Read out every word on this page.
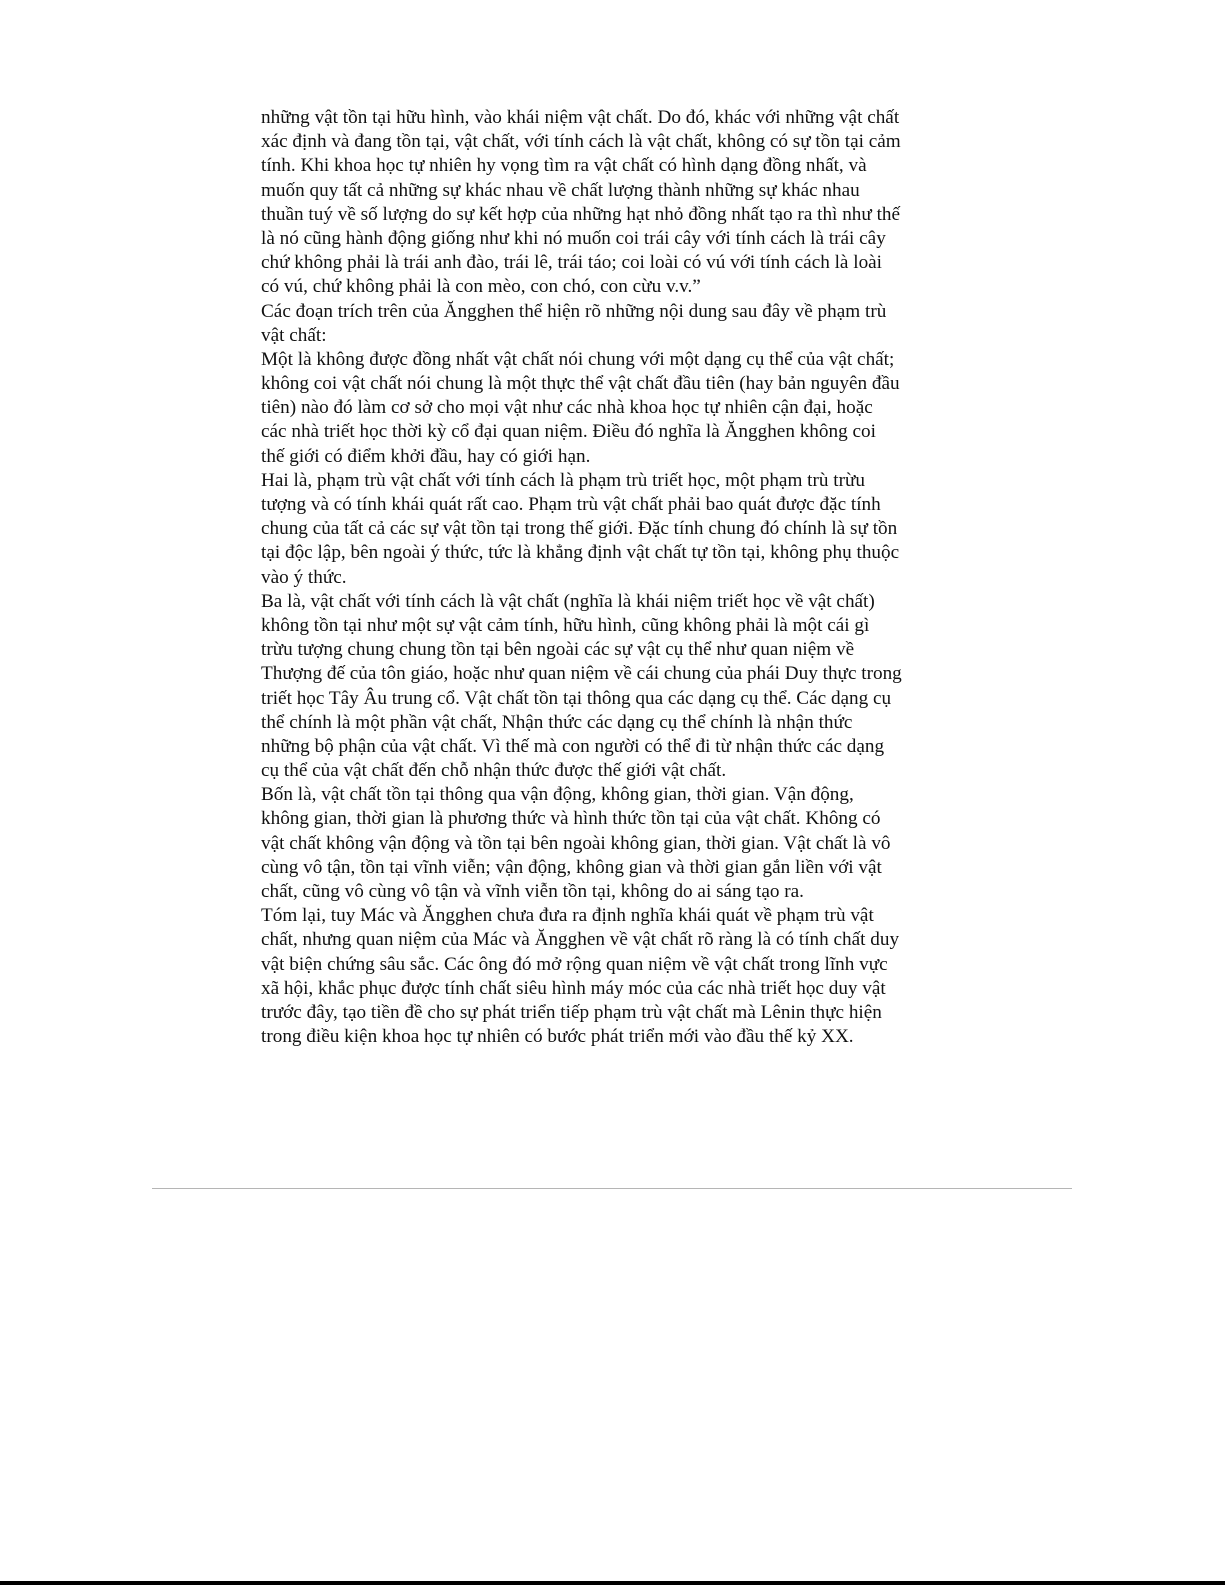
những vật tồn tại hữu hình, vào khái niệm vật chất. Do đó, khác với những vật chất
xác định và đang tồn tại, vật chất, với tính cách là vật chất, không có sự tồn tại cảm
tính. Khi khoa học tự nhiên hy vọng tìm ra vật chất có hình dạng đồng nhất, và
muốn quy tất cả những sự khác nhau về chất lượng thành những sự khác nhau
thuần tuý về số lượng do sự kết hợp của những hạt nhỏ đồng nhất tạo ra thì như thế
là nó cũng hành động giống như khi nó muốn coi trái cây với tính cách là trái cây
chứ không phải là trái anh đào, trái lê, trái táo; coi loài có vú với tính cách là loài
có vú, chứ không phải là con mèo, con chó, con cừu v.v.”
Các đoạn trích trên của Ăngghen thể hiện rõ những nội dung sau đây về phạm trù
vật chất:
Một là không được đồng nhất vật chất nói chung với một dạng cụ thể của vật chất;
không coi vật chất nói chung là một thực thể vật chất đầu tiên (hay bản nguyên đầu
tiên) nào đó làm cơ sở cho mọi vật như các nhà khoa học tự nhiên cận đại, hoặc
các nhà triết học thời kỳ cổ đại quan niệm. Điều đó nghĩa là Ăngghen không coi
thế giới có điểm khởi đầu, hay có giới hạn.
Hai là, phạm trù vật chất với tính cách là phạm trù triết học, một phạm trù trừu
tượng và có tính khái quát rất cao. Phạm trù vật chất phải bao quát được đặc tính
chung của tất cả các sự vật tồn tại trong thế giới. Đặc tính chung đó chính là sự tồn
tại độc lập, bên ngoài ý thức, tức là khẳng định vật chất tự tồn tại, không phụ thuộc
vào ý thức.
Ba là, vật chất với tính cách là vật chất (nghĩa là khái niệm triết học về vật chất)
không tồn tại như một sự vật cảm tính, hữu hình, cũng không phải là một cái gì
trừu tượng chung chung tồn tại bên ngoài các sự vật cụ thể như quan niệm về
Thượng đế của tôn giáo, hoặc như quan niệm về cái chung của phái Duy thực trong
triết học Tây Âu trung cổ. Vật chất tồn tại thông qua các dạng cụ thể. Các dạng cụ
thể chính là một phần vật chất, Nhận thức các dạng cụ thể chính là nhận thức
những bộ phận của vật chất. Vì thế mà con người có thể đi từ nhận thức các dạng
cụ thể của vật chất đến chỗ nhận thức được thế giới vật chất.
Bốn là, vật chất tồn tại thông qua vận động, không gian, thời gian. Vận động,
không gian, thời gian là phương thức và hình thức tồn tại của vật chất. Không có
vật chất không vận động và tồn tại bên ngoài không gian, thời gian. Vật chất là vô
cùng vô tận, tồn tại vĩnh viễn; vận động, không gian và thời gian gắn liền với vật
chất, cũng vô cùng vô tận và vĩnh viễn tồn tại, không do ai sáng tạo ra.
Tóm lại, tuy Mác và Ăngghen chưa đưa ra định nghĩa khái quát về phạm trù vật
chất, nhưng quan niệm của Mác và Ăngghen về vật chất rõ ràng là có tính chất duy
vật biện chứng sâu sắc. Các ông đó mở rộng quan niệm về vật chất trong lĩnh vực
xã hội, khắc phục được tính chất siêu hình máy móc của các nhà triết học duy vật
trước đây, tạo tiền đề cho sự phát triển tiếp phạm trù vật chất mà Lênin thực hiện
trong điều kiện khoa học tự nhiên có bước phát triển mới vào đầu thế kỷ XX.
